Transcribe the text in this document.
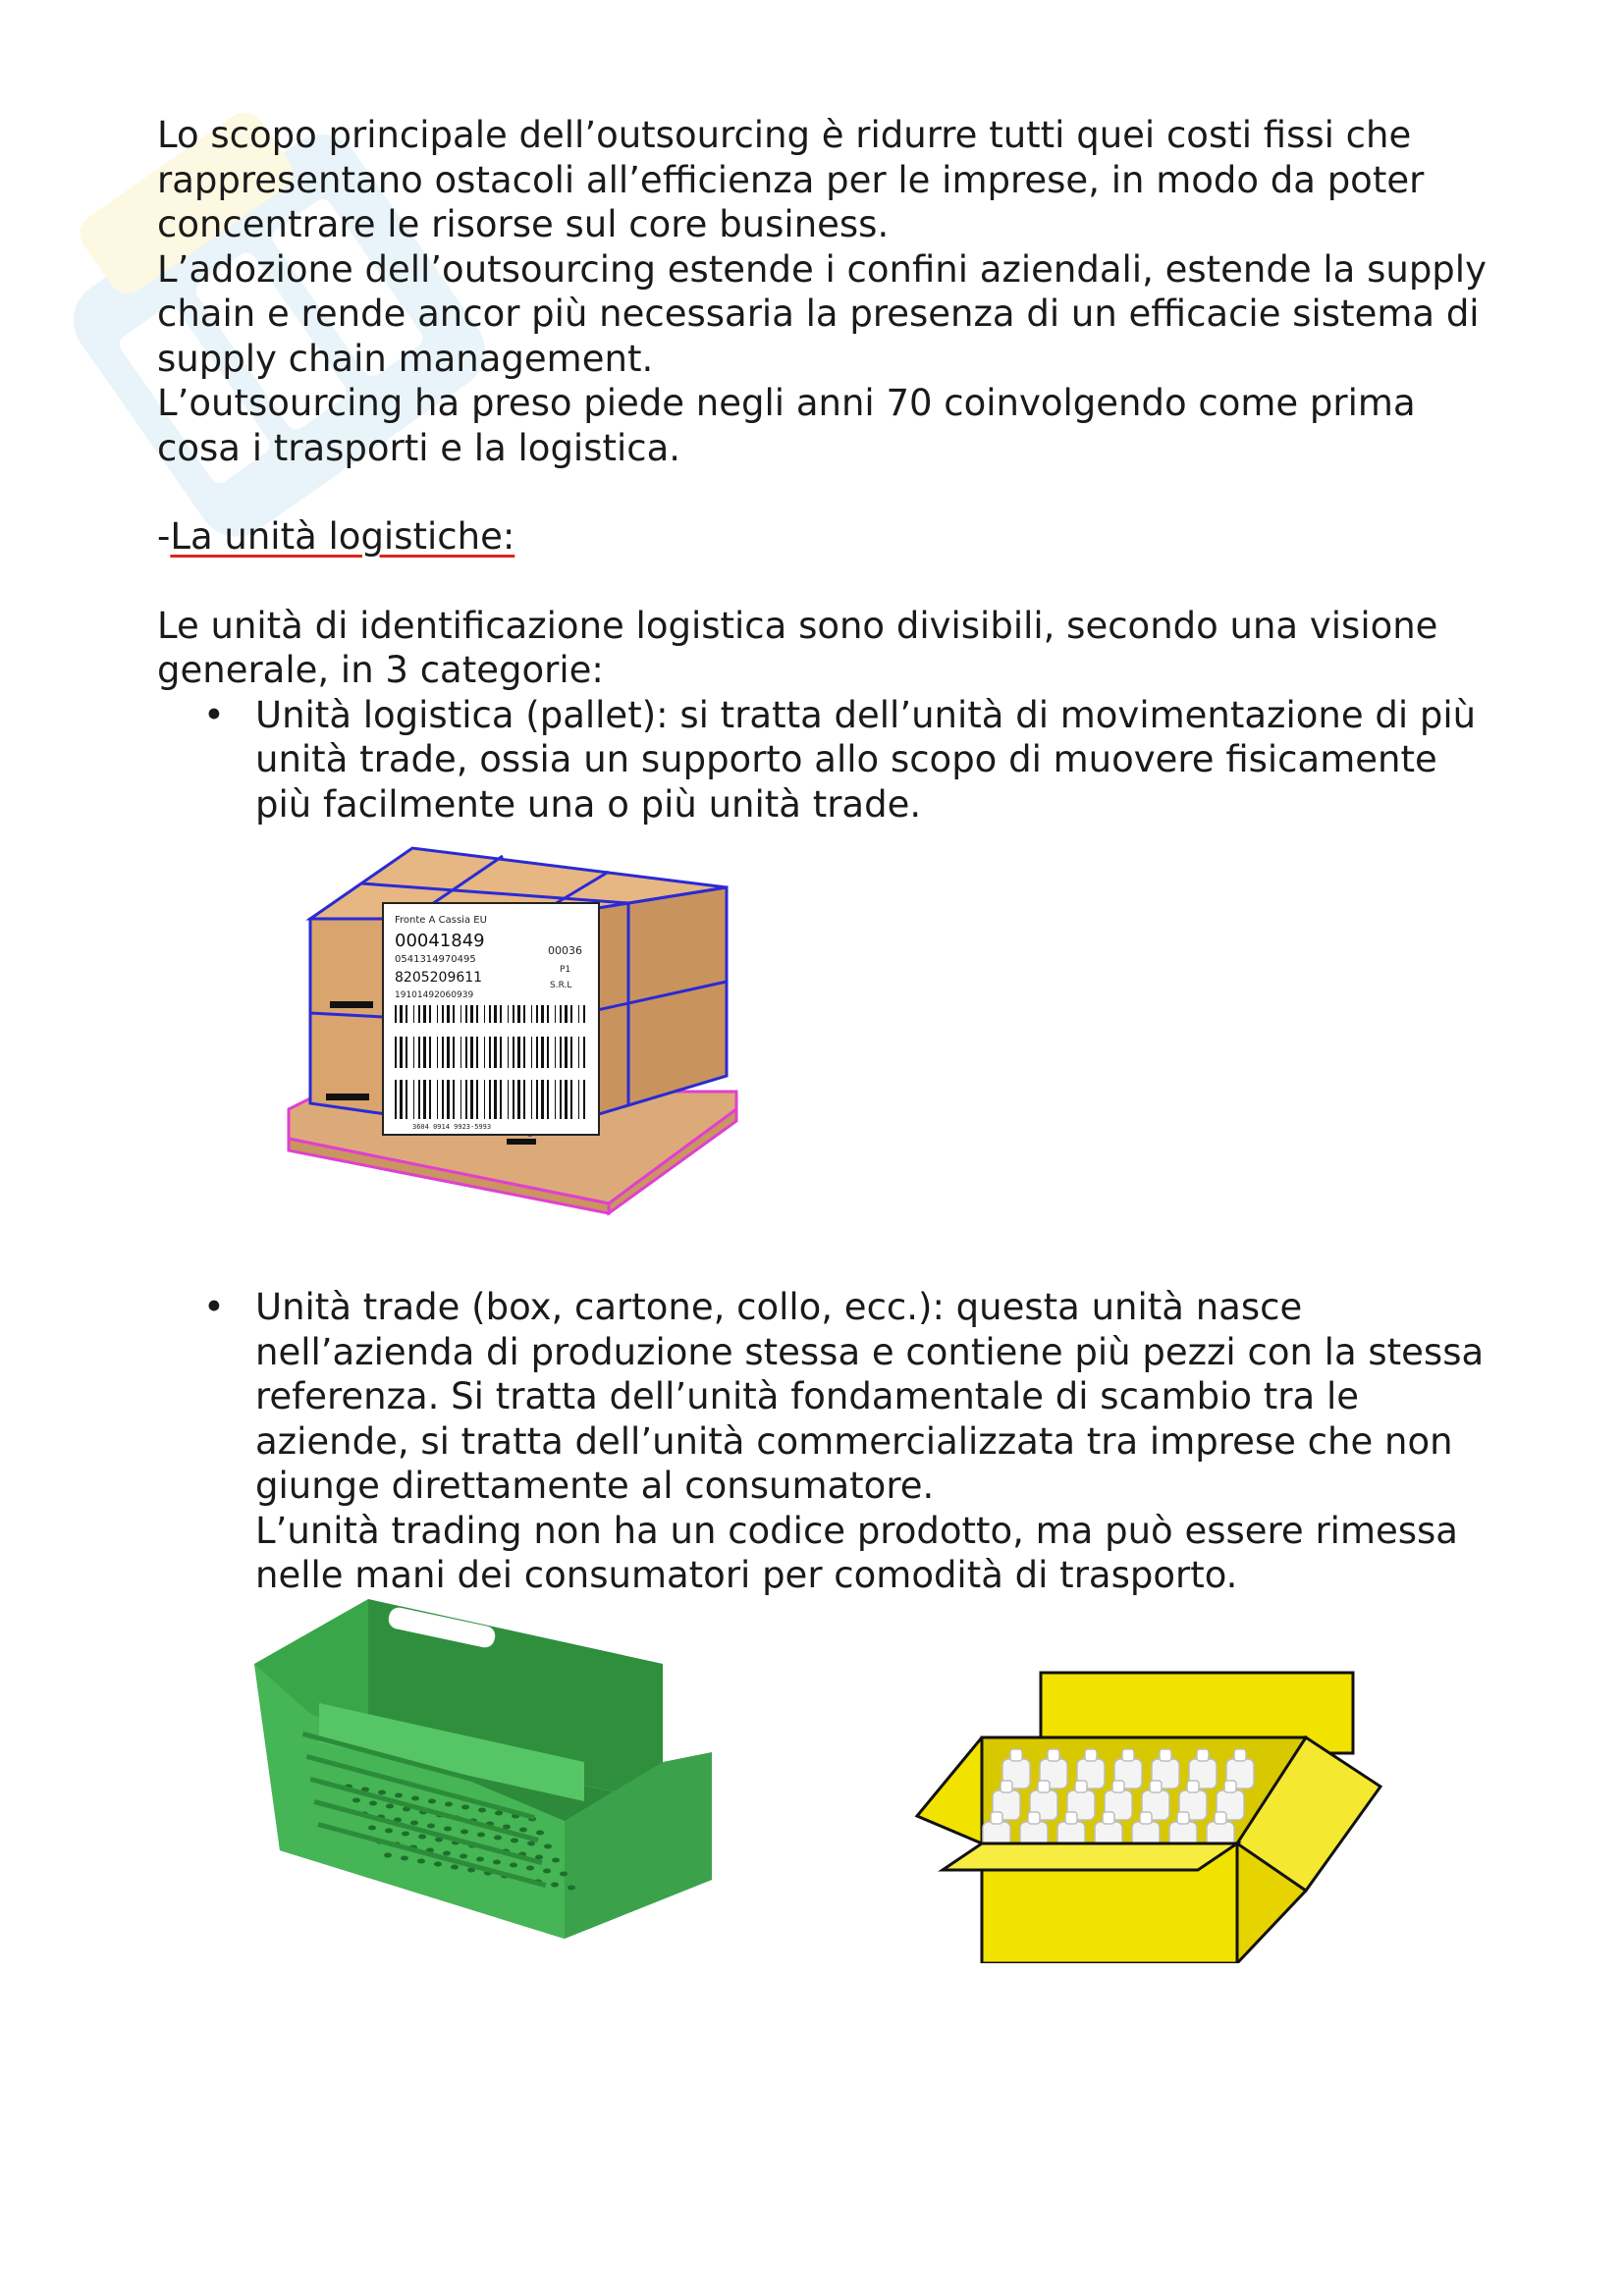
Lo scopo principale dell’outsourcing è ridurre tutti quei costi fissi che rappresentano ostacoli all’efficienza per le imprese, in modo da poter concentrare le risorse sul core business.

L’adozione dell’outsourcing estende i confini aziendali, estende la supply chain e rende ancor più necessaria la presenza di un efficacie sistema di supply chain management.

L’outsourcing ha preso piede negli anni 70 coinvolgendo come prima cosa i trasporti e la logistica.

-La unità logistiche:

Le unità di identificazione logistica sono divisibili, secondo una visione generale, in 3 categorie:

• Unità logistica (pallet): si tratta dell’unità di movimentazione di più unità trade, ossia un supporto allo scopo di muovere fisicamente più facilmente una o più unità trade.
• Unità trade (box, cartone, collo, ecc.): questa unità nasce nell’azienda di produzione stessa e contiene più pezzi con la stessa referenza. Si tratta dell’unità fondamentale di scambio tra le aziende, si tratta dell’unità commercializzata tra imprese che non giunge direttamente al consumatore.
L’unità trading non ha un codice prodotto, ma può essere rimessa nelle mani dei consumatori per comodità di trasporto.
Fronte A Cassia EU
00041849
0541314970495
8205209611
19101492060939
00036
P1
S.R.L
3604 0914 9923-5993
